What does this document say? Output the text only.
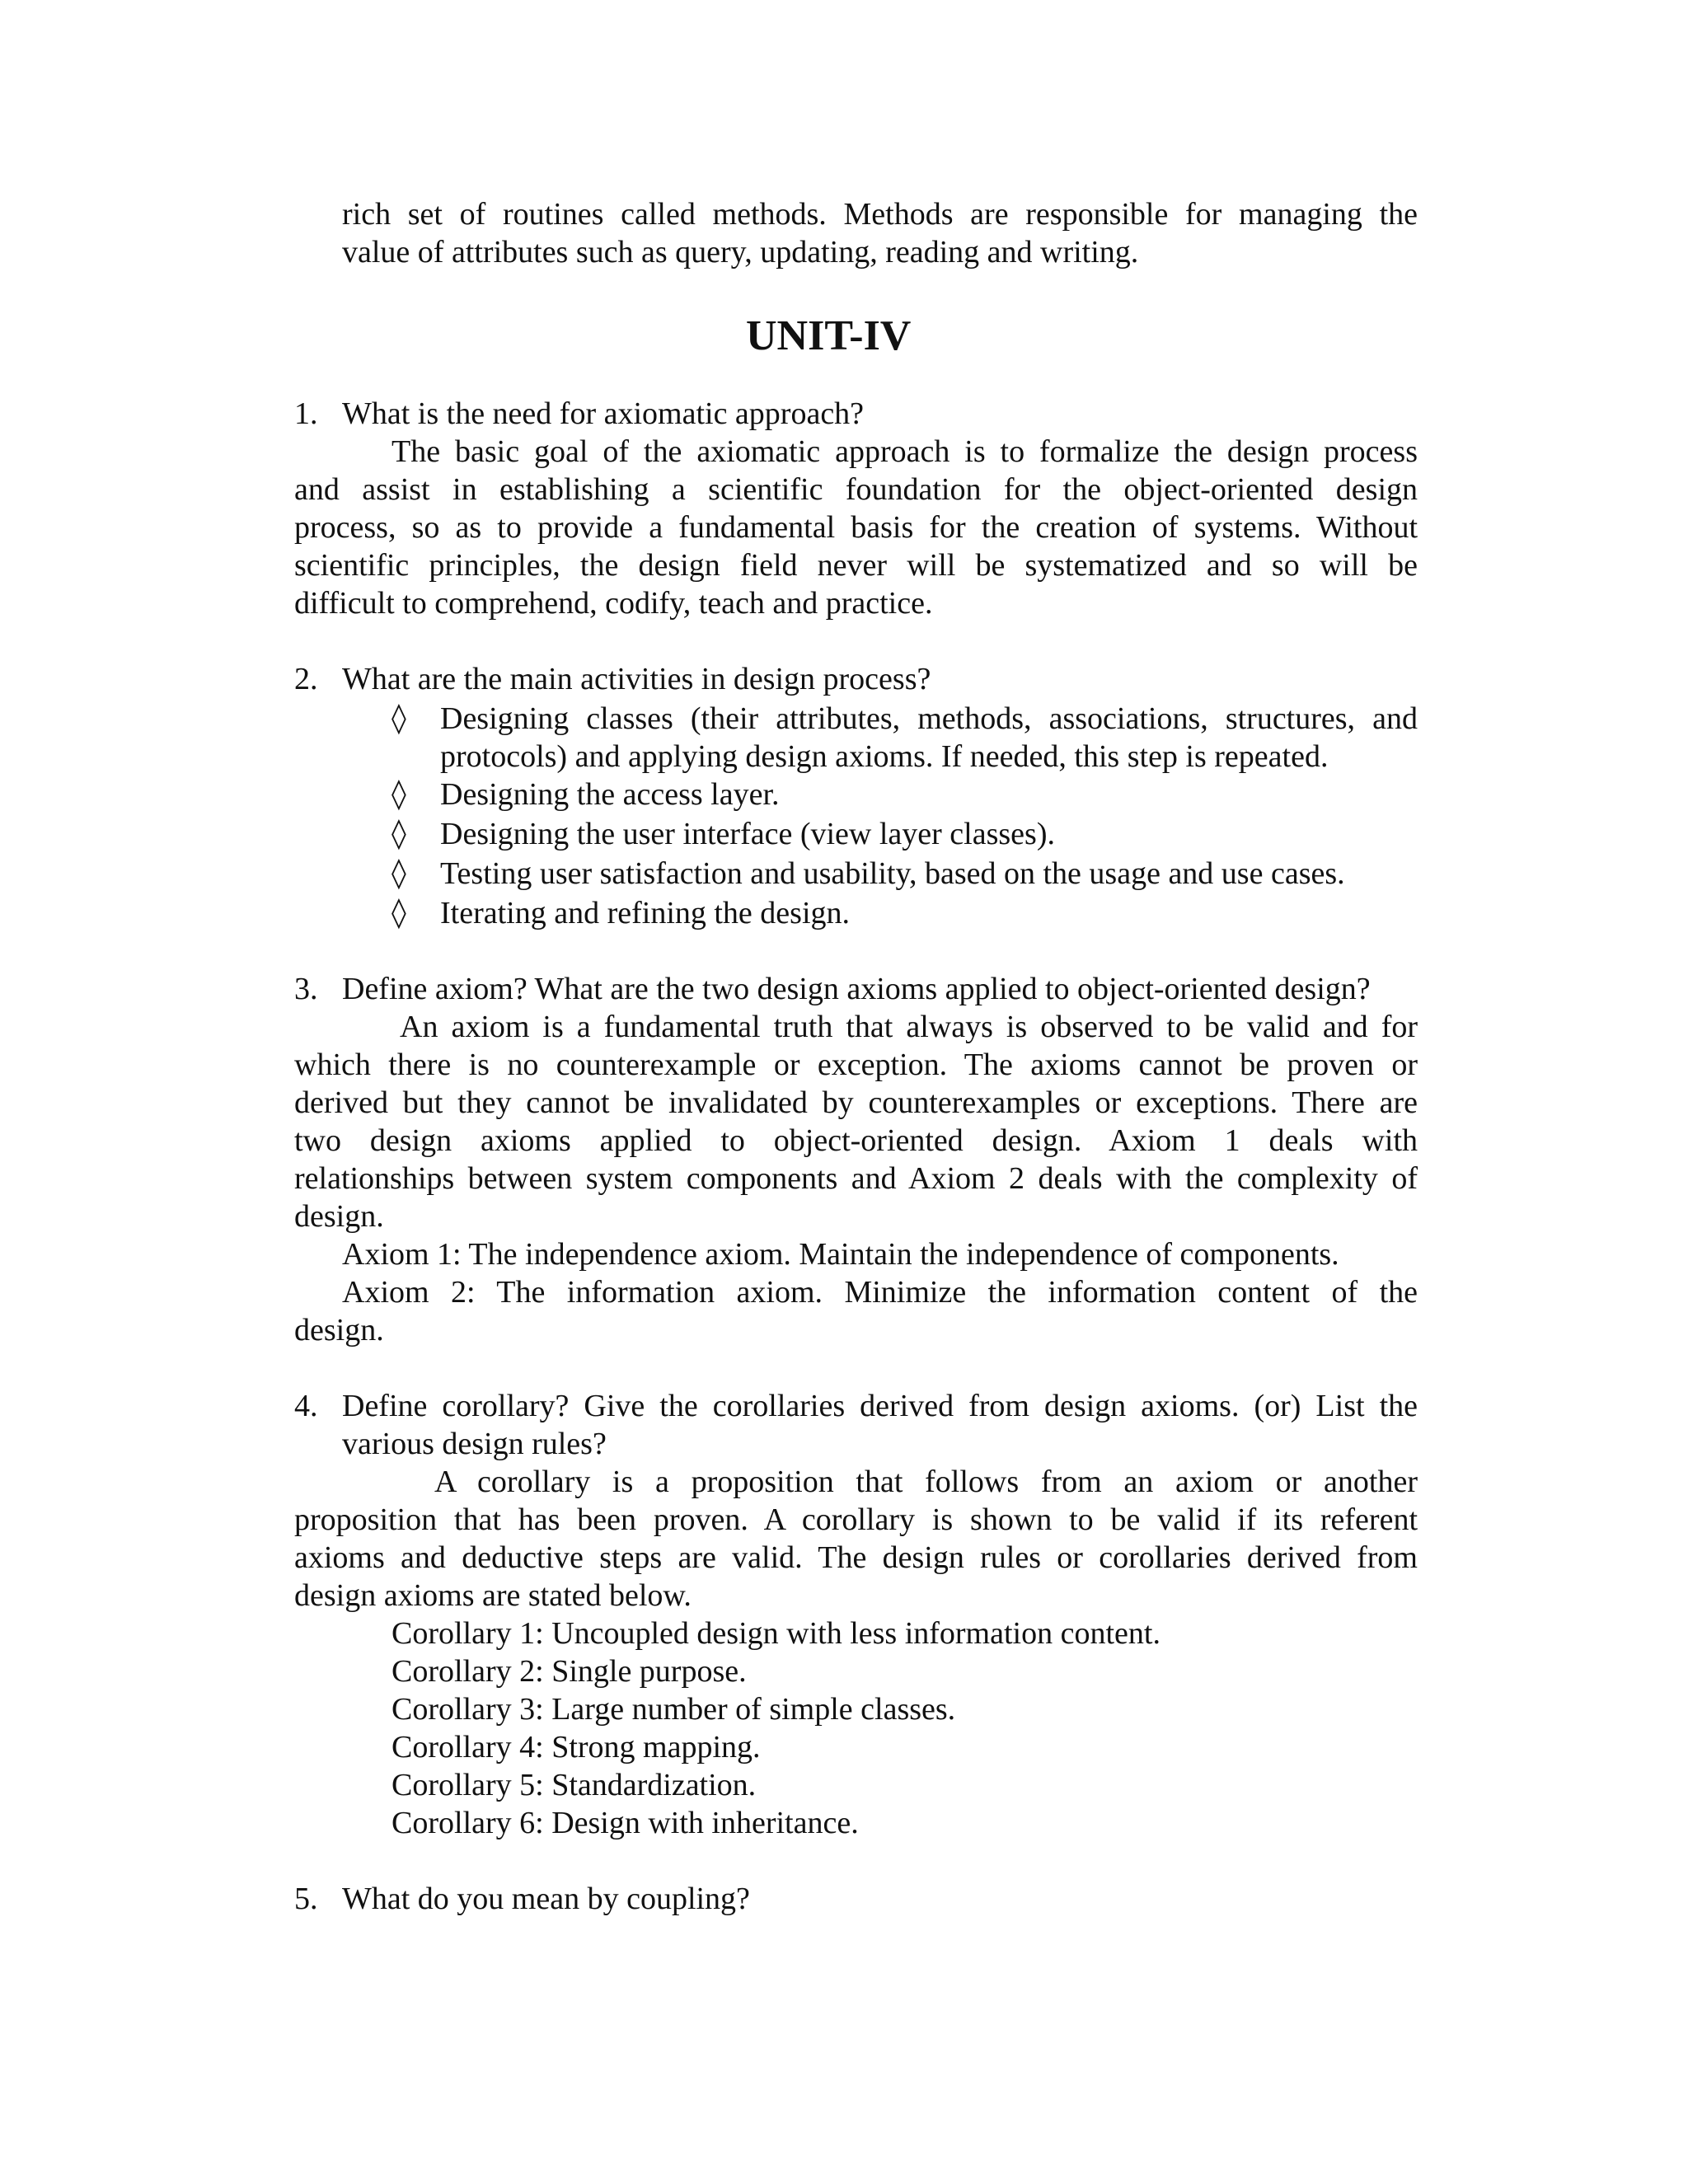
rich set of routines called methods. Methods are responsible for managing the
value of attributes such as query, updating, reading and writing.
UNIT-IV
1. What is the need for axiomatic approach?
The basic goal of the axiomatic approach is to formalize the design process
and assist in establishing a scientific foundation for the object-oriented design
process, so as to provide a fundamental basis for the creation of systems. Without
scientific principles, the design field never will be systematized and so will be
difficult to comprehend, codify, teach and practice.
2. What are the main activities in design process?
◊ Designing classes (their attributes, methods, associations, structures, and
protocols) and applying design axioms. If needed, this step is repeated.
◊ Designing the access layer.
◊ Designing the user interface (view layer classes).
◊ Testing user satisfaction and usability, based on the usage and use cases.
◊ Iterating and refining the design.
3. Define axiom? What are the two design axioms applied to object-oriented design?
An axiom is a fundamental truth that always is observed to be valid and for
which there is no counterexample or exception. The axioms cannot be proven or
derived but they cannot be invalidated by counterexamples or exceptions. There are
two design axioms applied to object-oriented design. Axiom 1 deals with
relationships between system components and Axiom 2 deals with the complexity of
design.
Axiom 1: The independence axiom. Maintain the independence of components.
Axiom 2: The information axiom. Minimize the information content of the
design.
4. Define corollary? Give the corollaries derived from design axioms. (or) List the
various design rules?
A corollary is a proposition that follows from an axiom or another
proposition that has been proven. A corollary is shown to be valid if its referent
axioms and deductive steps are valid. The design rules or corollaries derived from
design axioms are stated below.
Corollary 1: Uncoupled design with less information content.
Corollary 2: Single purpose.
Corollary 3: Large number of simple classes.
Corollary 4: Strong mapping.
Corollary 5: Standardization.
Corollary 6: Design with inheritance.
5. What do you mean by coupling?
